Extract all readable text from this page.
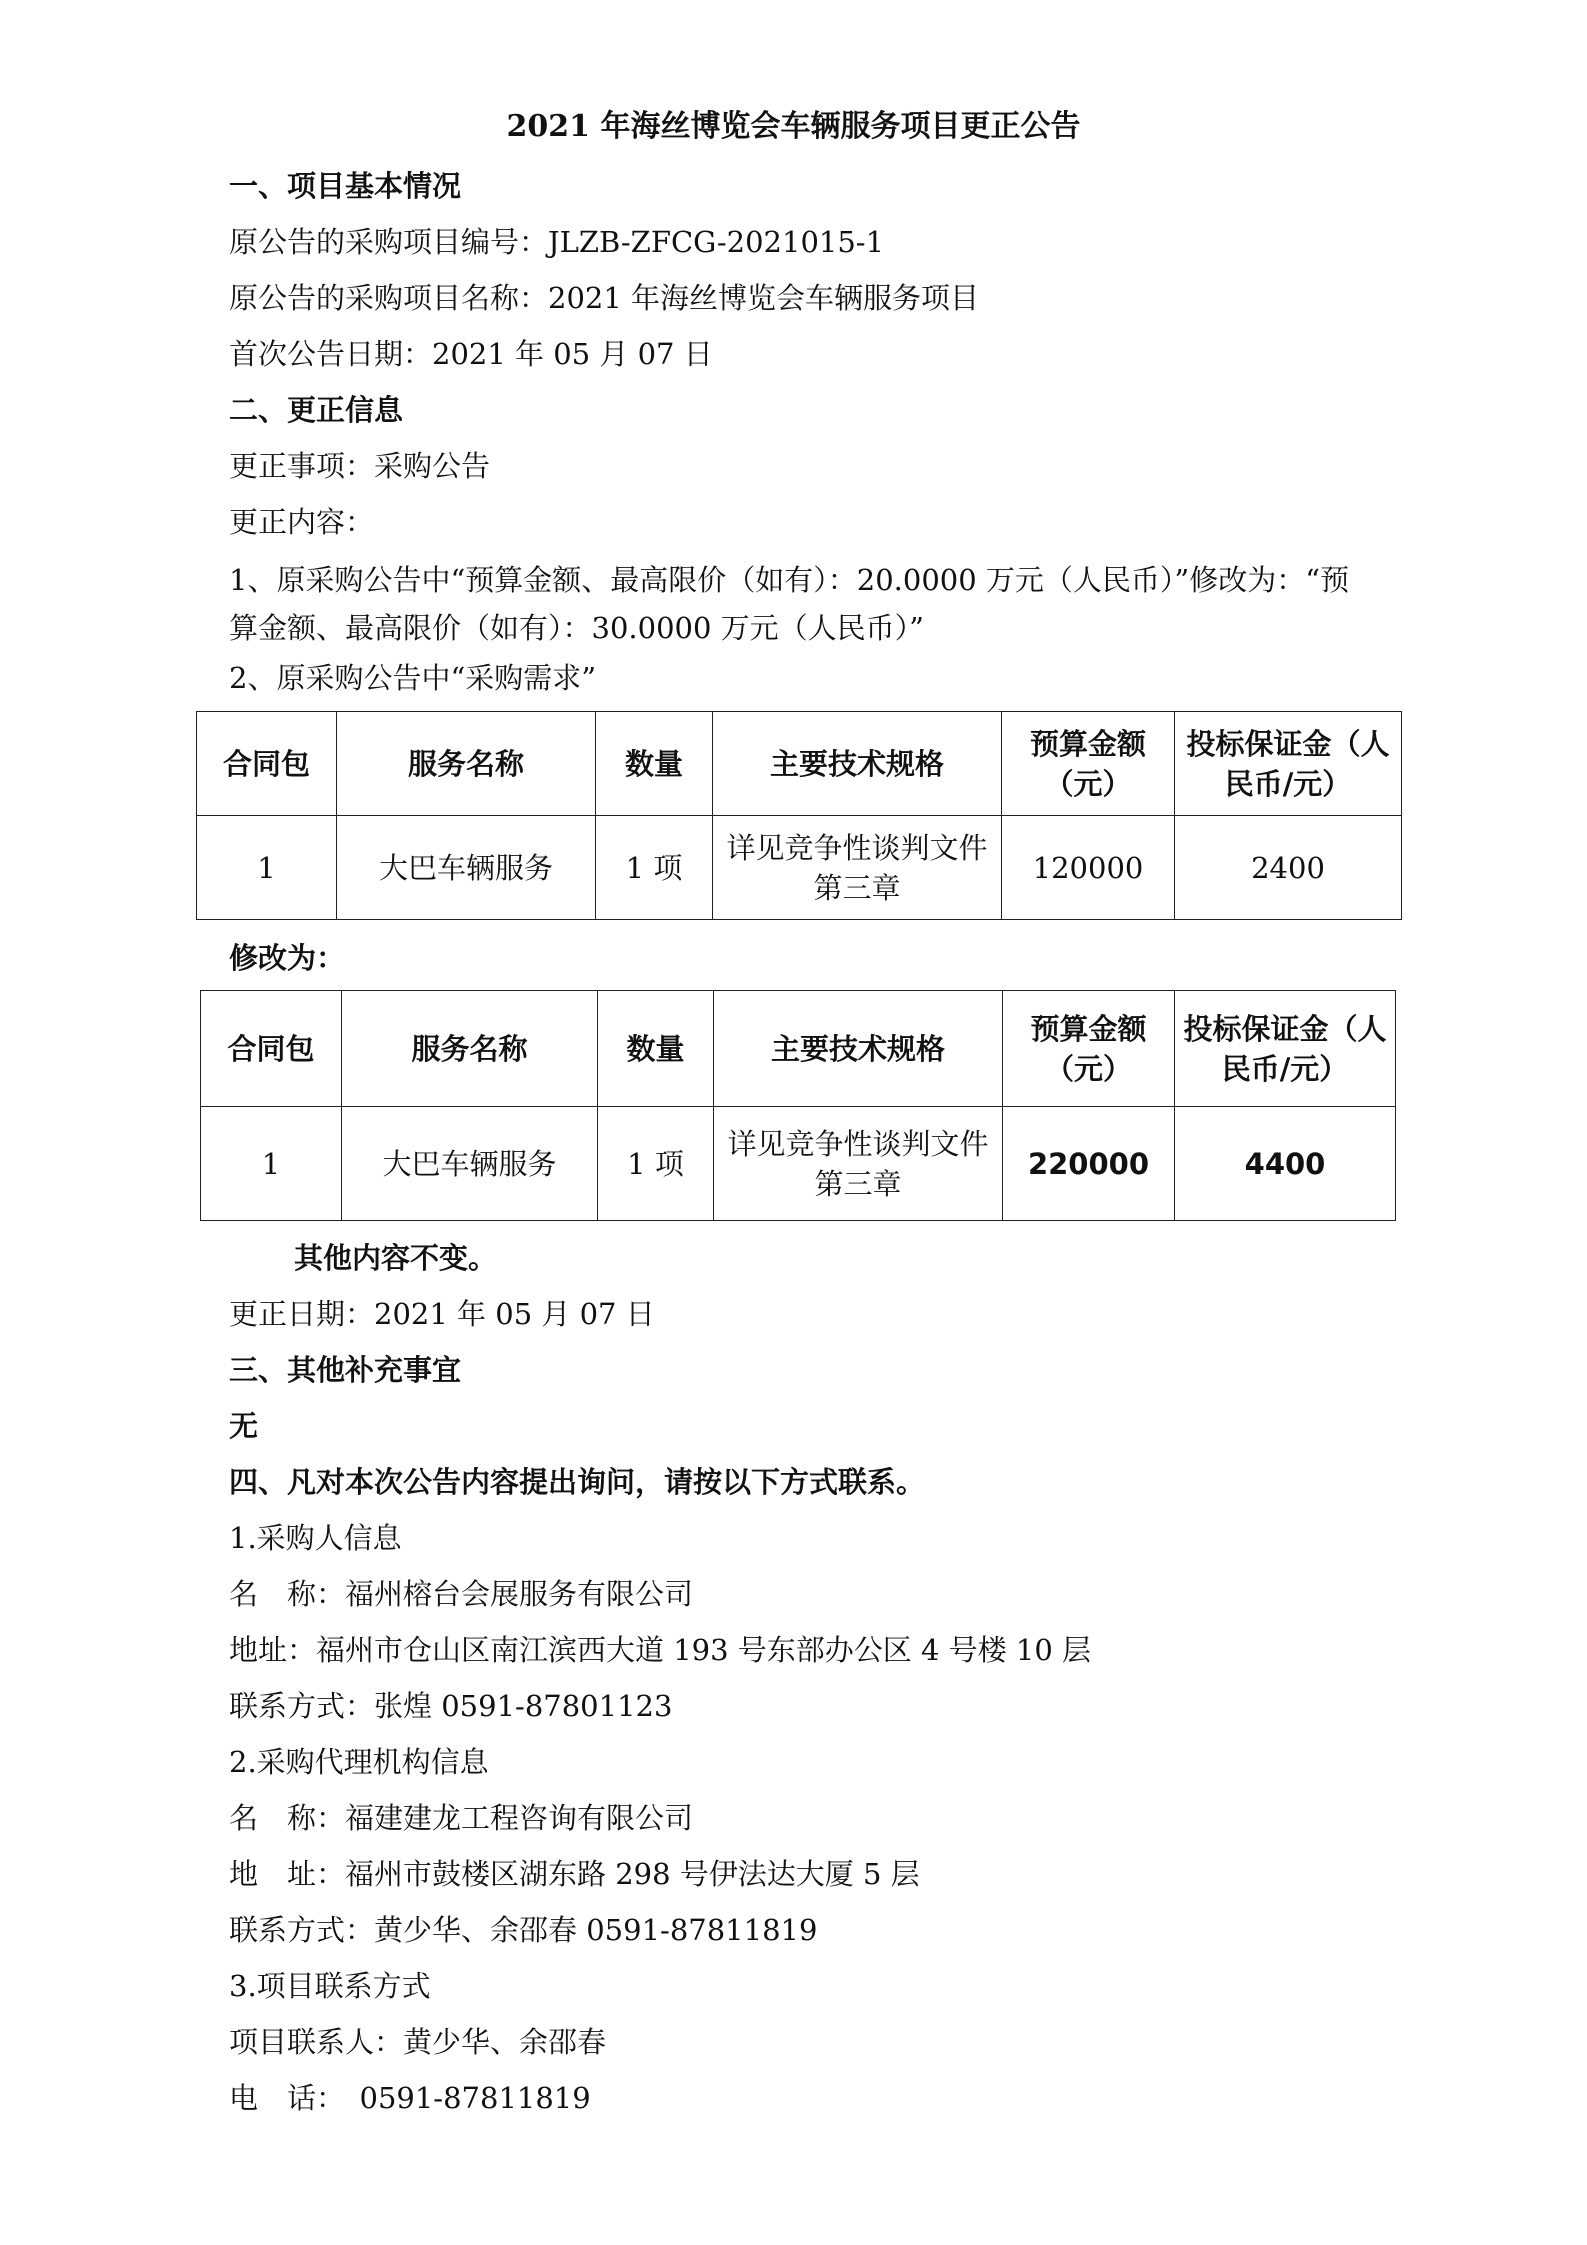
2021 年海丝博览会车辆服务项目更正公告
一、项目基本情况
原公告的采购项目编号：JLZB-ZFCG-2021015-1
原公告的采购项目名称：2021 年海丝博览会车辆服务项目
首次公告日期：2021 年 05 月 07 日
二、更正信息
更正事项：采购公告
更正内容：
1、原采购公告中“预算金额、最高限价（如有）：20.0000 万元（人民币）”修改为：“预算金额、最高限价（如有）：30.0000 万元（人民币）”
2、原采购公告中“采购需求”
合同包	服务名称	数量	主要技术规格	预算金额（元）	投标保证金（人民币/元）
1	大巴车辆服务	1 项	详见竞争性谈判文件第三章	120000	2400
修改为：
合同包	服务名称	数量	主要技术规格	预算金额（元）	投标保证金（人民币/元）
1	大巴车辆服务	1 项	详见竞争性谈判文件第三章	220000	4400
其他内容不变。
更正日期：2021 年 05 月 07 日
三、其他补充事宜
无
四、凡对本次公告内容提出询问，请按以下方式联系。
1.采购人信息
名　称：福州榕台会展服务有限公司
地址：福州市仓山区南江滨西大道 193 号东部办公区 4 号楼 10 层
联系方式：张煌 0591-87801123
2.采购代理机构信息
名　称：福建建龙工程咨询有限公司
地　址：福州市鼓楼区湖东路 298 号伊法达大厦 5 层
联系方式：黄少华、余邵春 0591-87811819
3.项目联系方式
项目联系人：黄少华、余邵春
电　话：　0591-87811819
